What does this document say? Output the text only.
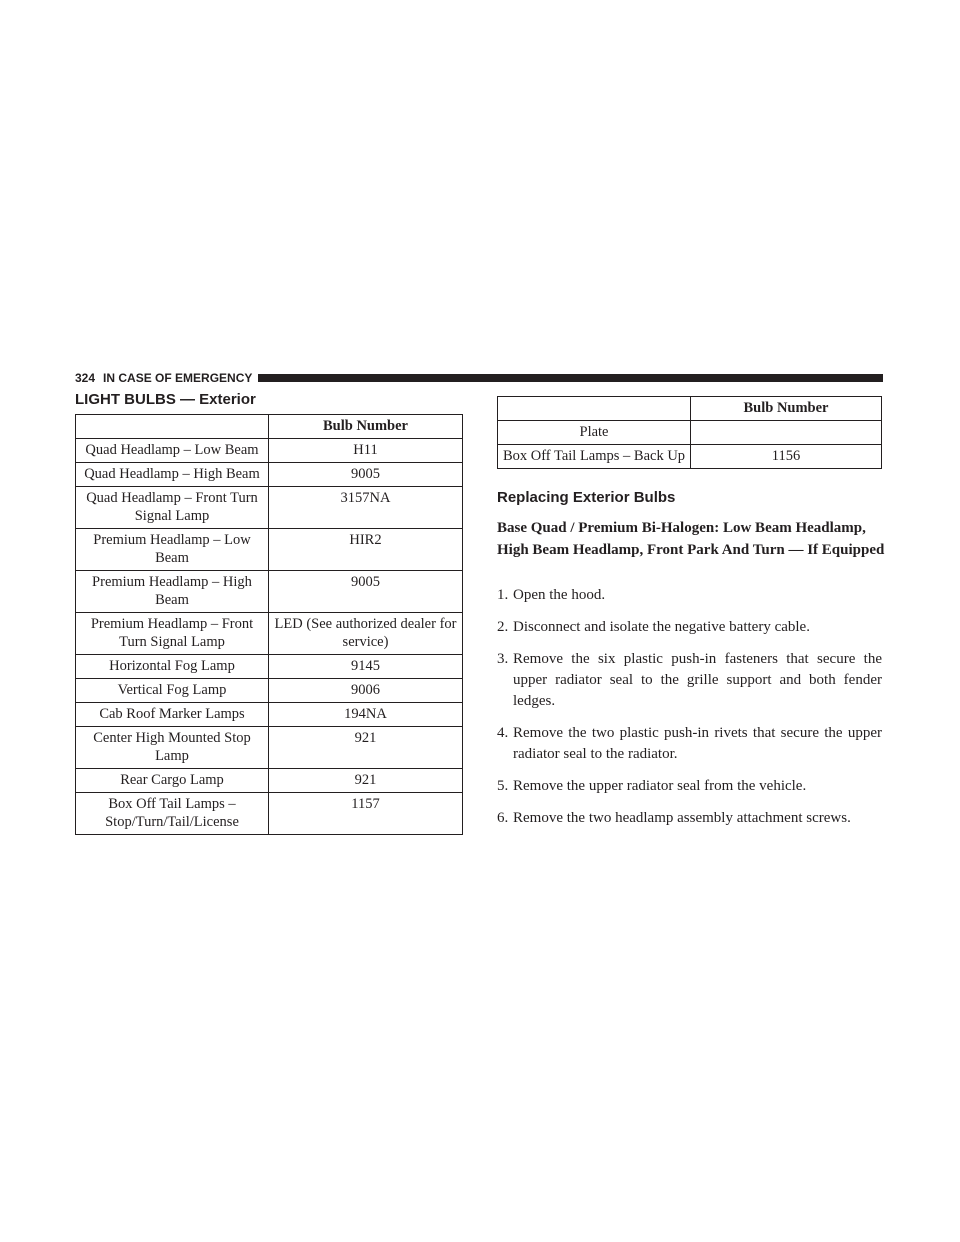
324 IN CASE OF EMERGENCY
LIGHT BULBS — Exterior
	Bulb Number
Quad Headlamp – Low Beam	H11
Quad Headlamp – High Beam	9005
Quad Headlamp – Front Turn Signal Lamp	3157NA
Premium Headlamp – Low Beam	HIR2
Premium Headlamp – High Beam	9005
Premium Headlamp – Front Turn Signal Lamp	LED (See authorized dealer for service)
Horizontal Fog Lamp	9145
Vertical Fog Lamp	9006
Cab Roof Marker Lamps	194NA
Center High Mounted Stop Lamp	921
Rear Cargo Lamp	921
Box Off Tail Lamps – Stop/Turn/Tail/License	1157
	Bulb Number
Plate	
Box Off Tail Lamps – Back Up	1156
Replacing Exterior Bulbs

Base Quad / Premium Bi-Halogen: Low Beam Headlamp, High Beam Headlamp, Front Park And Turn — If Equipped

1. Open the hood.
2. Disconnect and isolate the negative battery cable.
3. Remove the six plastic push-in fasteners that secure the upper radiator seal to the grille support and both fender ledges.
4. Remove the two plastic push-in rivets that secure the upper radiator seal to the radiator.
5. Remove the upper radiator seal from the vehicle.
6. Remove the two headlamp assembly attachment screws.
